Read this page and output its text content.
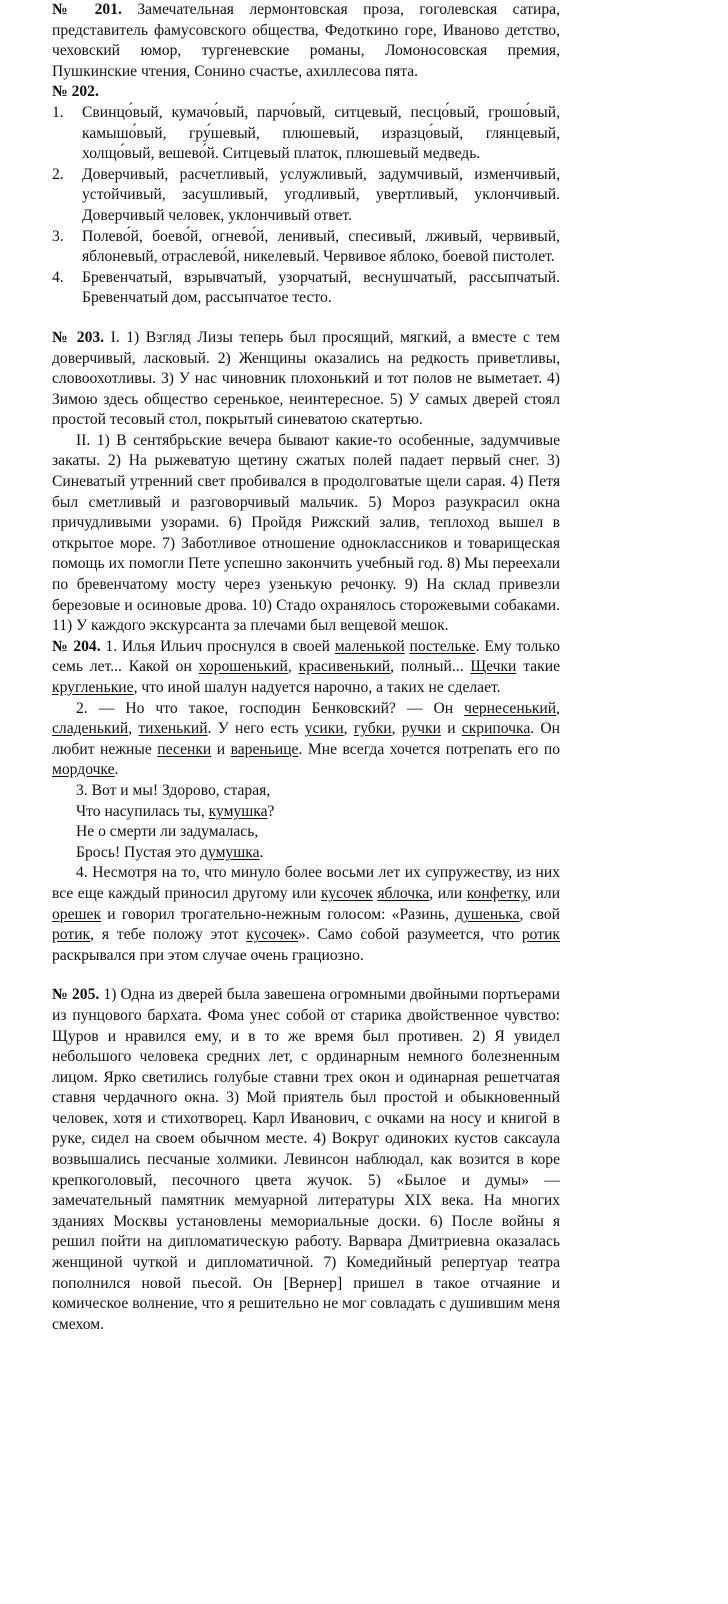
№ 201. Замечательная лермонтовская проза, гоголевская сатира, представитель фамусовского общества, Федоткино горе, Иваново детство, чеховский юмор, тургеневские романы, Ломоносовская премия, Пушкинские чтения, Сонино счастье, ахиллесова пята.

№ 202.

1. Свинцо́вый, кумачо́вый, парчо́вый, ситцевый, песцо́вый, грошо́вый, камышо́вый, гру́шевый, плюшевый, изразцо́вый, глянцевый, холщо́вый, вешево́й. Ситцевый платок, плюшевый медведь.
2. Доверчивый, расчетливый, услужливый, задумчивый, изменчивый, устойчивый, засушливый, угодливый, увертливый, уклончивый. Доверчивый человек, уклончивый ответ.
3. Полево́й, боево́й, огнево́й, ленивый, спесивый, лживый, червивый, яблоневый, отраслево́й, никелевый. Червивое яблоко, боевой пистолет.
4. Бревенчатый, взрывчатый, узорчатый, веснушчатый, рассыпчатый. Бревенчатый дом, рассыпчатое тесто.

№ 203. I. 1) Взгляд Лизы теперь был просящий, мягкий, а вместе с тем доверчивый, ласковый. 2) Женщины оказались на редкость приветливы, словоохотливы. 3) У нас чиновник плохонький и тот полов не выметает. 4) Зимою здесь общество серенькое, неинтересное. 5) У самых дверей стоял простой тесовый стол, покрытый синеватою скатертью.

II. 1) В сентябрьские вечера бывают какие-то особенные, задумчивые закаты. 2) На рыжеватую щетину сжатых полей падает первый снег. 3) Синеватый утренний свет пробивался в продолговатые щели сарая. 4) Петя был сметливый и разговорчивый мальчик. 5) Мороз разукрасил окна причудливыми узорами. 6) Пройдя Рижский залив, теплоход вышел в открытое море. 7) Заботливое отношение одноклассников и товарищеская помощь их помогли Пете успешно закончить учебный год. 8) Мы переехали по бревенчатому мосту через узенькую речонку. 9) На склад привезли березовые и осиновые дрова. 10) Стадо охранялось сторожевыми собаками. 11) У каждого экскурсанта за плечами был вещевой мешок.

№ 204. 1. Илья Ильич проснулся в своей маленькой постельке. Ему только семь лет... Какой он хорошенький, красивенький, полный... Щечки такие кругленькие, что иной шалун надуется нарочно, а таких не сделает.

2. — Но что такое, господин Бенковский? — Он чернесенький, сладенький, тихенький. У него есть усики, губки, ручки и скрипочка. Он любит нежные песенки и вареньице. Мне всегда хочется потрепать его по мордочке.

3. Вот и мы! Здорово, старая,
Что насупилась ты, кумушка?
Не о смерти ли задумалась,
Брось! Пустая это думушка.

4. Несмотря на то, что минуло более восьми лет их супружеству, из них все еще каждый приносил другому или кусочек яблочка, или конфетку, или орешек и говорил трогательно-нежным голосом: «Разинь, душенька, свой ротик, я тебе положу этот кусочек». Само собой разумеется, что ротик раскрывался при этом случае очень грациозно.

№ 205. 1) Одна из дверей была завешена огромными двойными портьерами из пунцового бархата. Фома унес собой от старика двойственное чувство: Щуров и нравился ему, и в то же время был противен. 2) Я увидел небольшого человека средних лет, с ординарным немного болезненным лицом. Ярко светились голубые ставни трех окон и одинарная решетчатая ставня чердачного окна. 3) Мой приятель был простой и обыкновенный человек, хотя и стихотворец. Карл Иванович, с очками на носу и книгой в руке, сидел на своем обычном месте. 4) Вокруг одиноких кустов саксаула возвышались песчаные холмики. Левинсон наблюдал, как возится в коре крепкоголовый, песочного цвета жучок. 5) «Былое и думы» — замечательный памятник мемуарной литературы XIX века. На многих зданиях Москвы установлены мемориальные доски. 6) После войны я решил пойти на дипломатическую работу. Варвара Дмитриевна оказалась женщиной чуткой и дипломатичной. 7) Комедийный репертуар театра пополнился новой пьесой. Он [Вернер] пришел в такое отчаяние и комическое волнение, что я решительно не мог совладать с душившим меня смехом.
